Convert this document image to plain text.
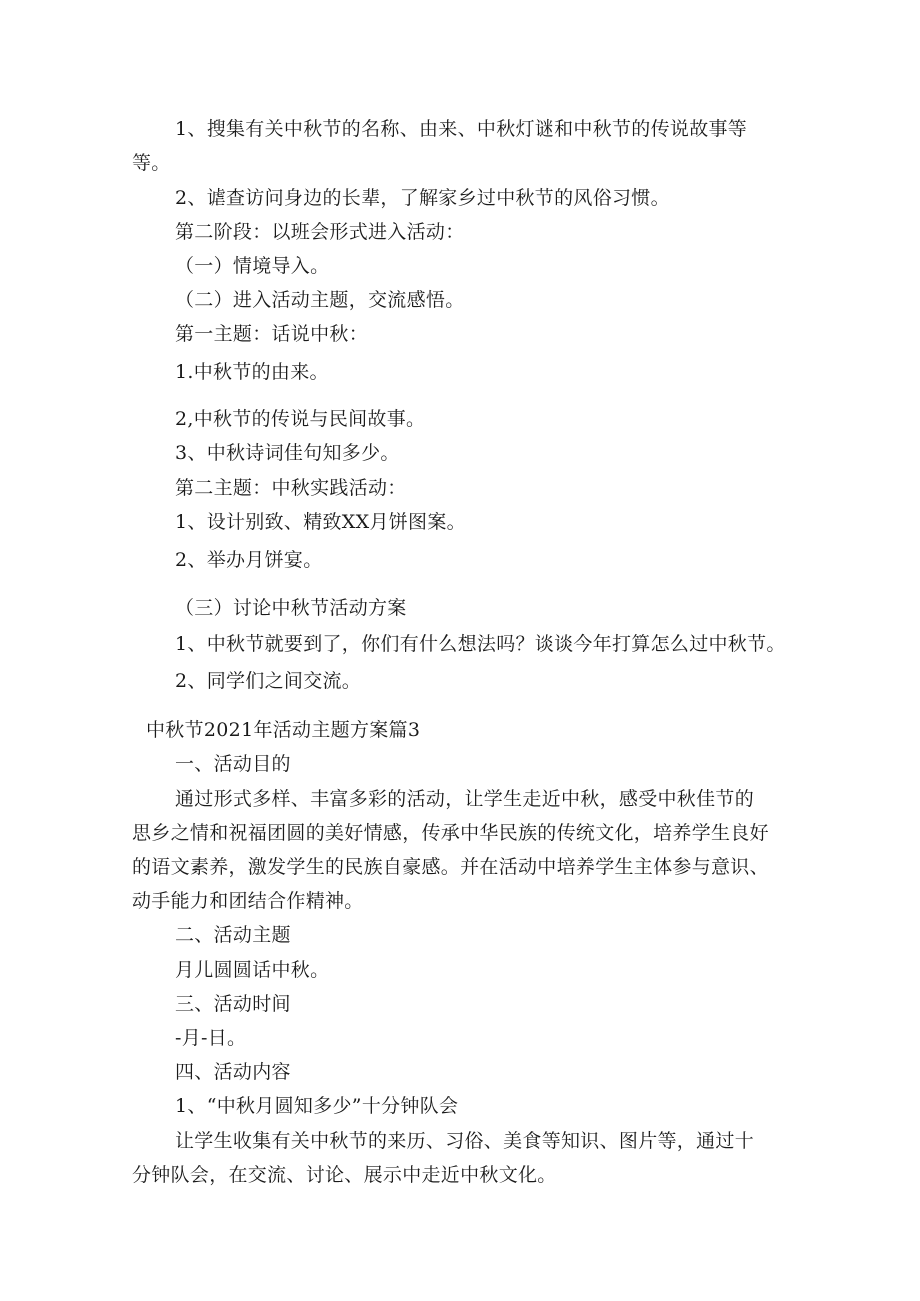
1、搜集有关中秋节的名称、由来、中秋灯谜和中秋节的传说故事等
等。
2、谑查访问身边的长辈，了解家乡过中秋节的风俗习惯。
第二阶段：以班会形式进入活动：
（一）情境导入。
（二）进入活动主题，交流感悟。
第一主题：话说中秋：
1.中秋节的由来。
2,中秋节的传说与民间故事。
3、中秋诗词佳句知多少。
第二主题：中秋实践活动：
1、设计别致、精致XX月饼图案。
2、举办月饼宴。
（三）讨论中秋节活动方案
1、中秋节就要到了，你们有什么想法吗？谈谈今年打算怎么过中秋节。
2、同学们之间交流。
中秋节2021年活动主题方案篇3
一、活动目的
通过形式多样、丰富多彩的活动，让学生走近中秋，感受中秋佳节的
思乡之情和祝福团圆的美好情感，传承中华民族的传统文化，培养学生良好
的语文素养，激发学生的民族自豪感。并在活动中培养学生主体参与意识、
动手能力和团结合作精神。
二、活动主题
月儿圆圆话中秋。
三、活动时间
-月-日。
四、活动内容
1、“中秋月圆知多少”十分钟队会
让学生收集有关中秋节的来历、习俗、美食等知识、图片等，通过十
分钟队会，在交流、讨论、展示中走近中秋文化。
